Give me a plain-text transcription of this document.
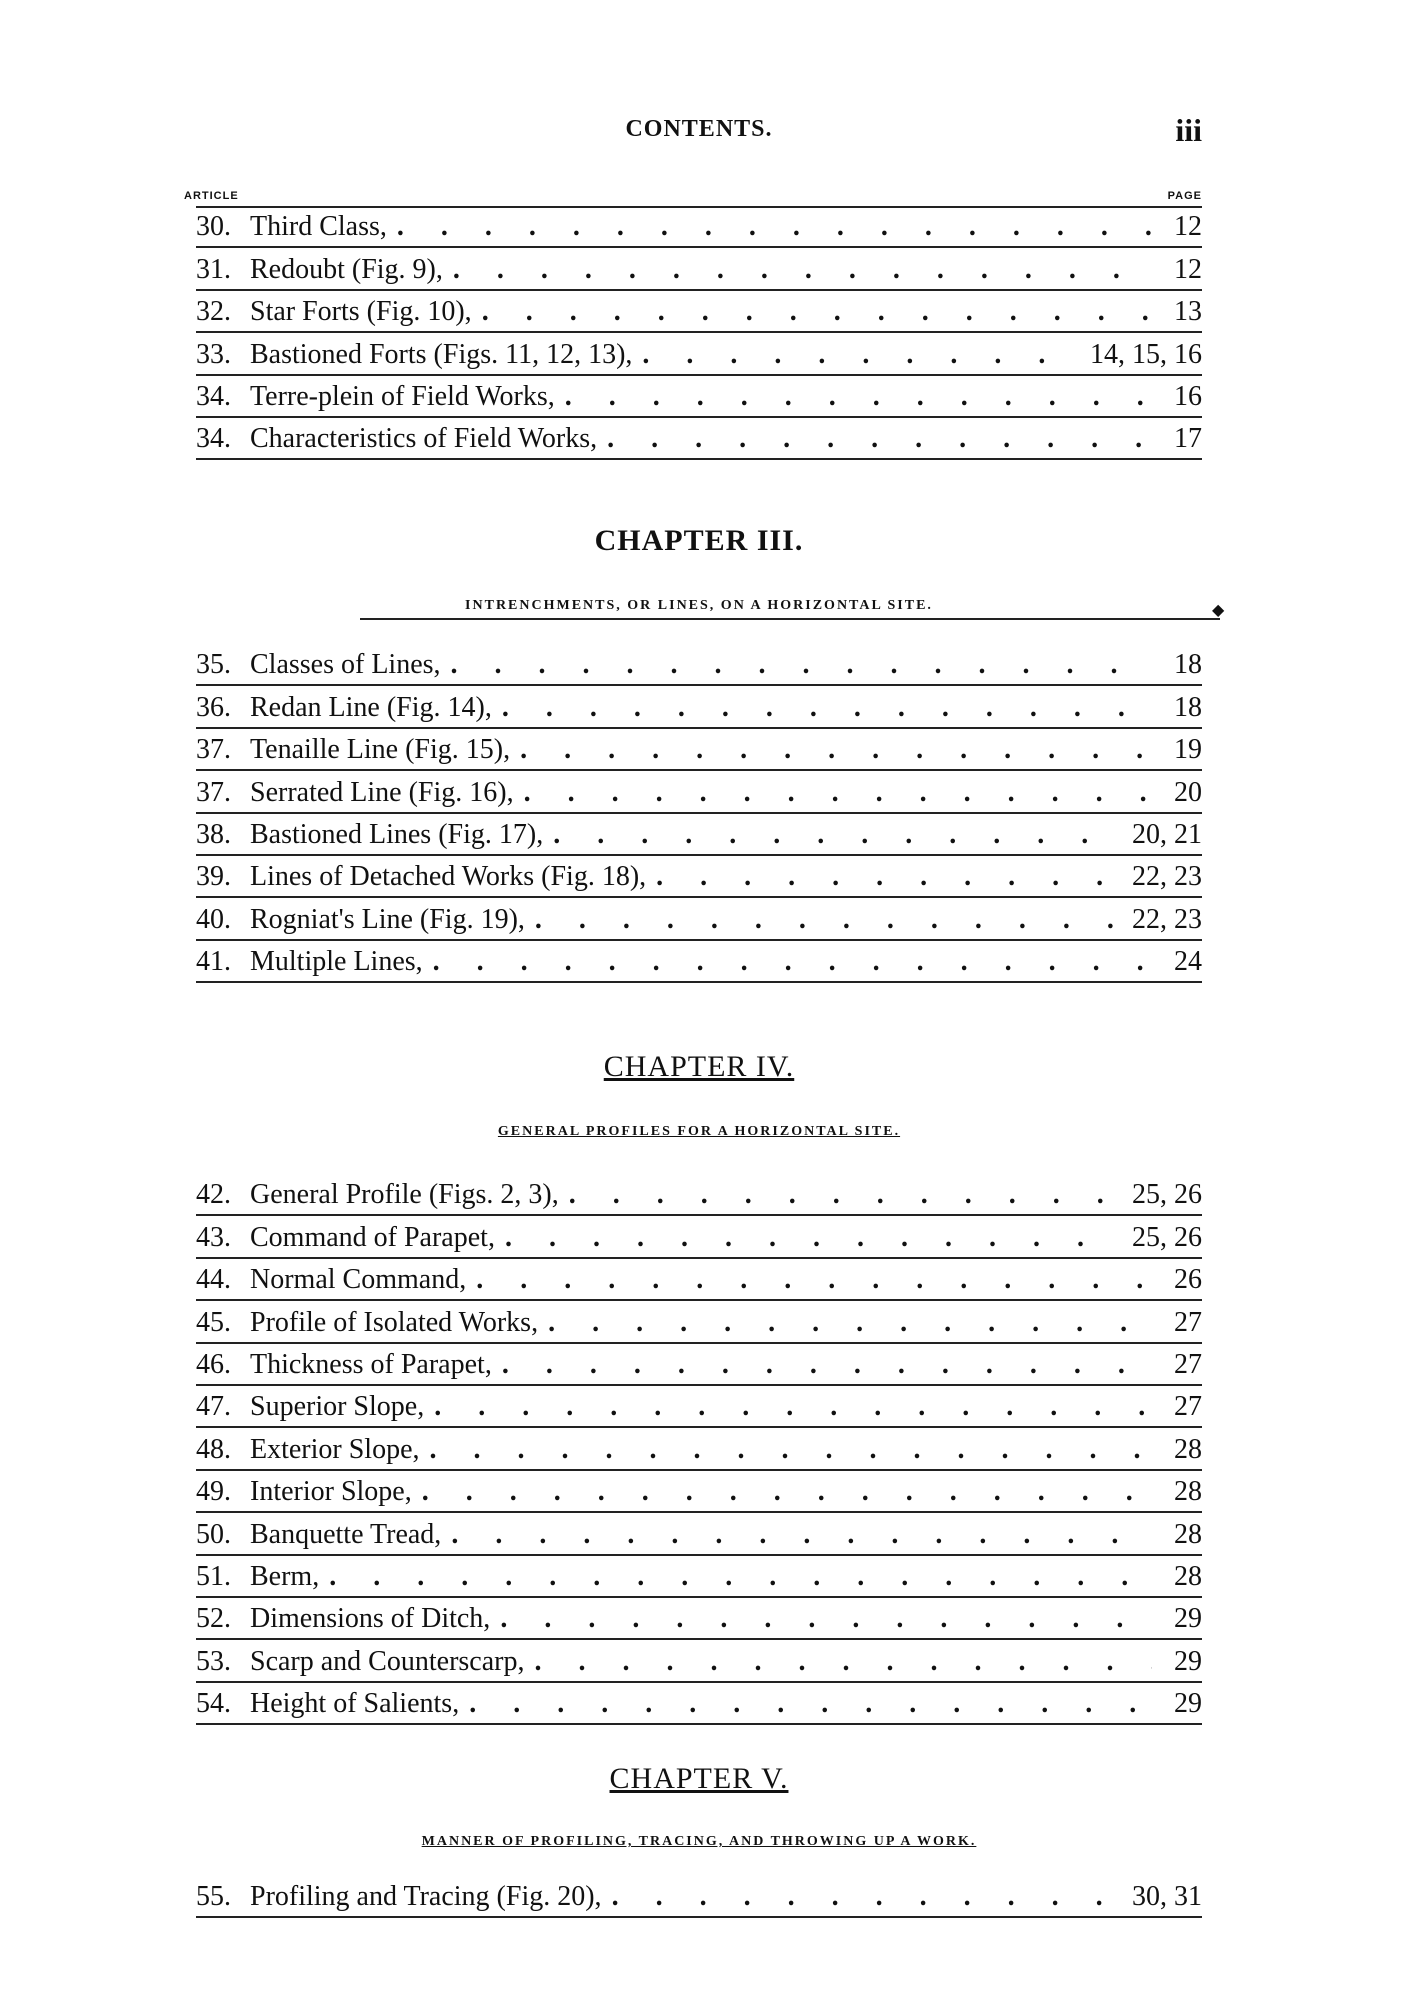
CONTENTS.	iii
ARTICLE	PAGE
30. Third Class, . . .	12
31. Redoubt (Fig. 9), . . .	12
32. Star Forts (Fig. 10), . . .	13
33. Bastioned Forts (Figs. 11, 12, 13), . . .	14, 15, 16
34. Terre-plein of Field Works, . . .	16
34. Characteristics of Field Works, . . .	17
CHAPTER III.
INTRENCHMENTS, OR LINES, ON A HORIZONTAL SITE.	◆
35. Classes of Lines, . . .	18
36. Redan Line (Fig. 14), . . .	18
37. Tenaille Line (Fig. 15), . . .	19
37. Serrated Line (Fig. 16), . . .	20
38. Bastioned Lines (Fig. 17), . . .	20, 21
39. Lines of Detached Works (Fig. 18), . . .	22, 23
40. Rogniat's Line (Fig. 19), . . .	22, 23
41. Multiple Lines, . . .	24
CHAPTER IV.
GENERAL PROFILES FOR A HORIZONTAL SITE.
42. General Profile (Figs. 2, 3), . . .	25, 26
43. Command of Parapet, . . .	25, 26
44. Normal Command, . . .	26
45. Profile of Isolated Works, . . .	27
46. Thickness of Parapet, . . .	27
47. Superior Slope, . . .	27
48. Exterior Slope, . . .	28
49. Interior Slope, . . .	28
50. Banquette Tread, . . .	28
51. Berm, . . .	28
52. Dimensions of Ditch, . . .	29
53. Scarp and Counterscarp, . . .	29
54. Height of Salients, . . .	29
CHAPTER V.
MANNER OF PROFILING, TRACING, AND THROWING UP A WORK.
55. Profiling and Tracing (Fig. 20), . . .	30, 31
